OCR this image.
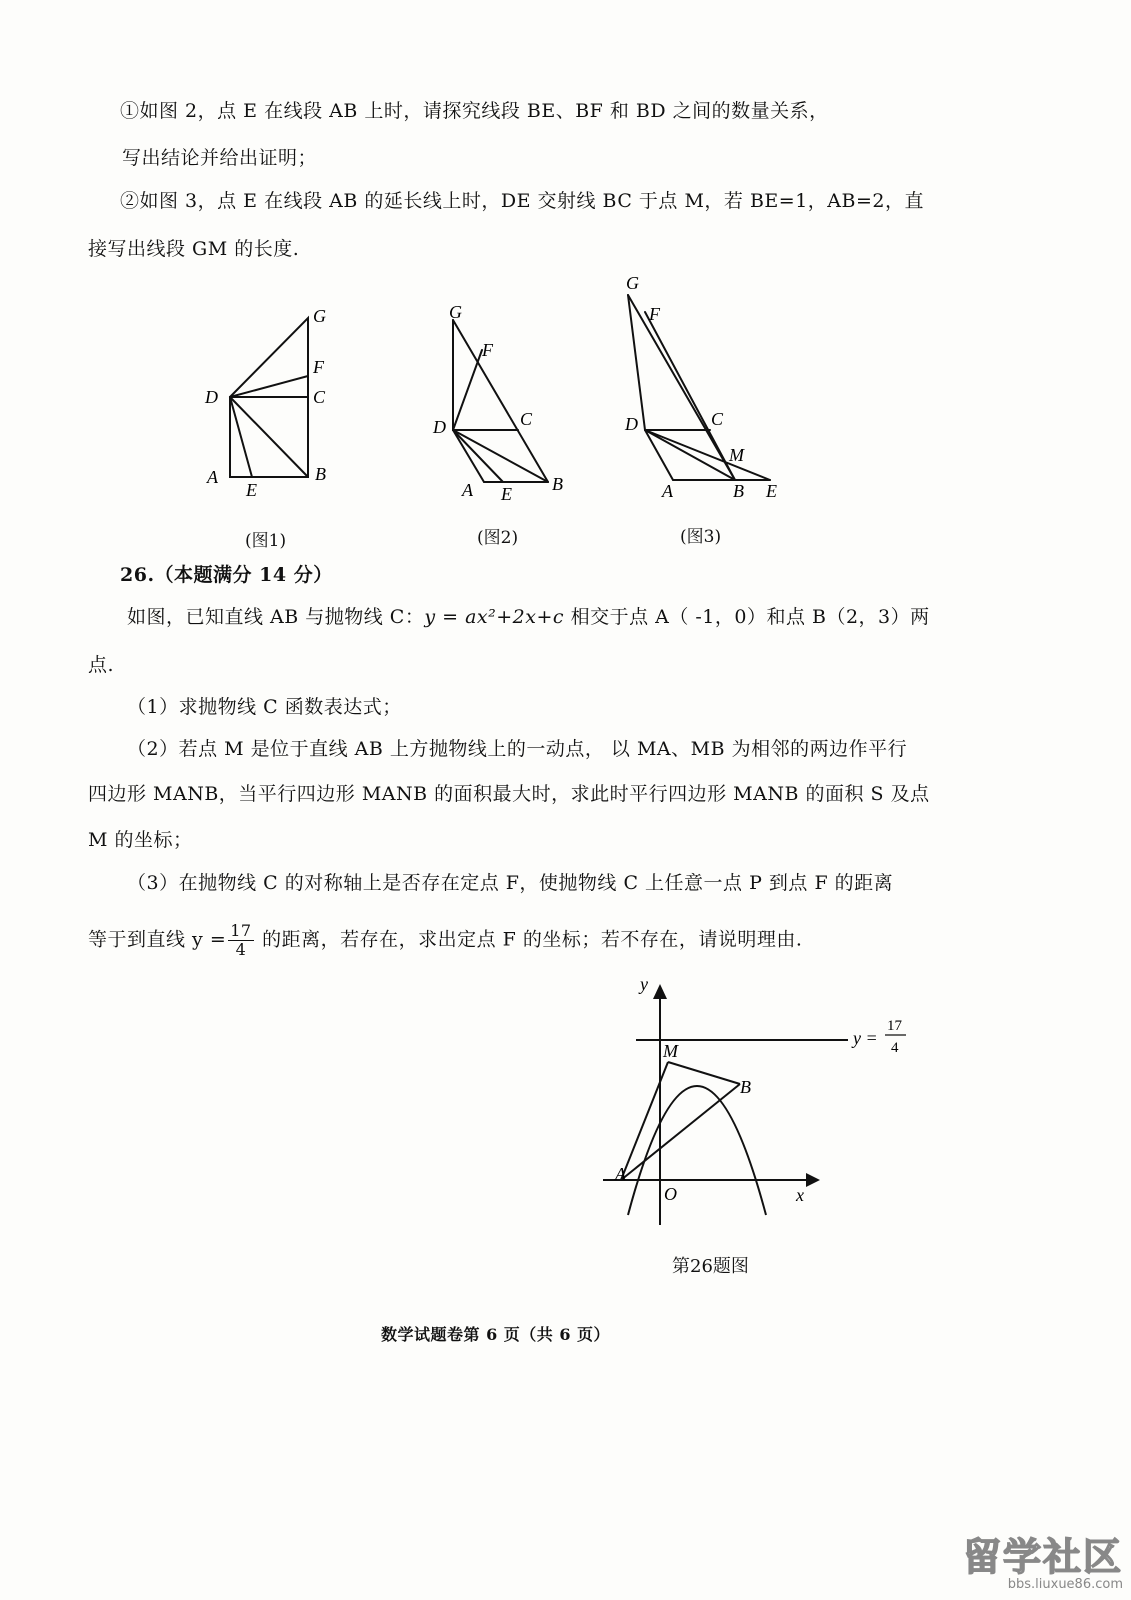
①如图 2，点 E 在线段 AB 上时，请探究线段 BE、BF 和 BD 之间的数量关系，
写出结论并给出证明；
②如图 3，点 E 在线段 AB 的延长线上时，DE 交射线 BC 于点 M，若 BE=1，AB=2，直
接写出线段 GM 的长度.
G
F
D	C
A
E
B
G
F
D	C
A E B
G
F
D	C
M
A	B E
y
x
O
A
B
M
y =
17
4
(图1)	(图2)	(图3)
26.（本题满分 14 分）
如图，已知直线 AB 与抛物线 C：y = ax²+2x+c 相交于点 A（ -1，0）和点 B（2，3）两
点.
（1）求抛物线 C 函数表达式；
（2）若点 M 是位于直线 AB 上方抛物线上的一动点， 以 MA、MB 为相邻的两边作平行
四边形 MANB，当平行四边形 MANB 的面积最大时，求此时平行四边形 MANB 的面积 S 及点
M 的坐标；
（3）在抛物线 C 的对称轴上是否存在定点 F，使抛物线 C 上任意一点 P 到点 F 的距离
等于到直线 $y = \frac{17}{4}$ 的距离，若存在，求出定点 F 的坐标；若不存在，请说明理由.
第26题图
数学试题卷第 6 页（共 6 页）
留学社区
bbs.liuxue86.com
